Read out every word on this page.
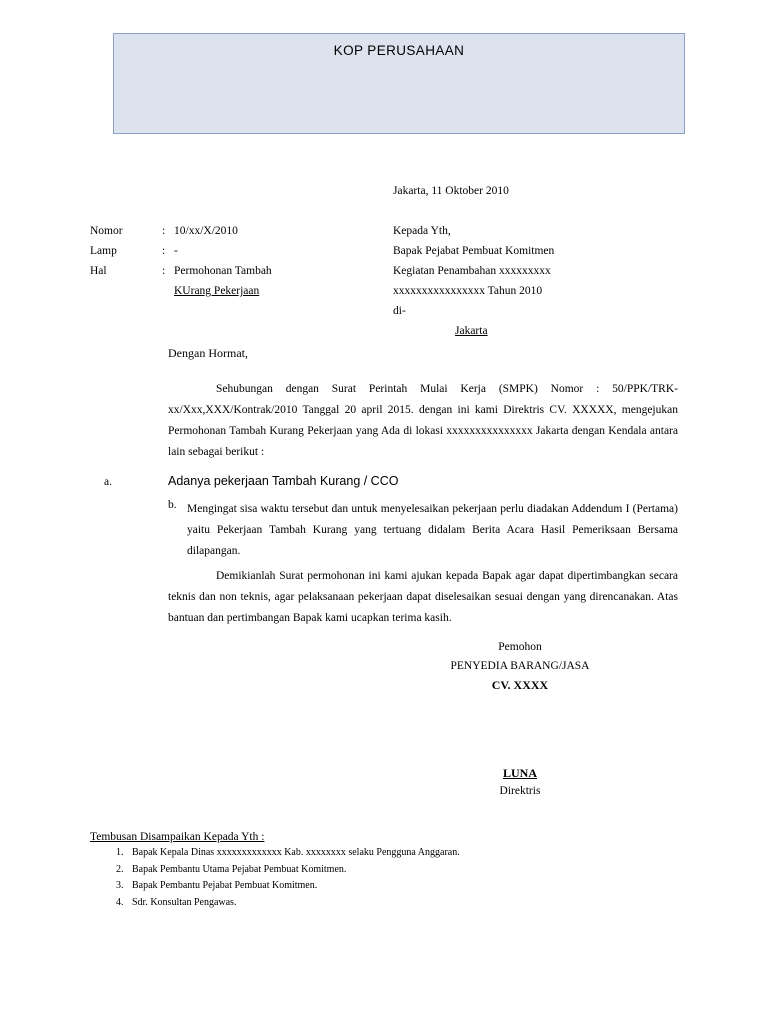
KOP PERUSAHAAN
Jakarta, 11 Oktober 2010
Nomor	: 10/xx/X/2010
Lamp	: -
Hal	: Permohonan Tambah
KUrang Pekerjaan
Kepada Yth,
Bapak Pejabat Pembuat Komitmen
Kegiatan Penambahan xxxxxxxxx
xxxxxxxxxxxxxxxx Tahun 2010
di-
Jakarta
Dengan Hormat,
Sehubungan dengan Surat Perintah Mulai Kerja (SMPK) Nomor : 50/PPK/TRK-xx/Xxx,XXX/Kontrak/2010 Tanggal 20 april 2015. dengan ini kami Direktris CV. XXXXX, mengejukan Permohonan Tambah Kurang Pekerjaan yang Ada di lokasi xxxxxxxxxxxxxxx Jakarta dengan Kendala antara lain sebagai berikut :
a.	Adanya pekerjaan Tambah Kurang / CCO
b. Mengingat sisa waktu tersebut dan untuk menyelesaikan pekerjaan perlu diadakan Addendum I (Pertama) yaitu Pekerjaan Tambah Kurang yang tertuang didalam Berita Acara Hasil Pemeriksaan Bersama dilapangan.
Demikianlah Surat permohonan ini kami ajukan kepada Bapak agar dapat dipertimbangkan secara teknis dan non teknis, agar pelaksanaan pekerjaan dapat diselesaikan sesuai dengan yang direncanakan. Atas bantuan dan pertimbangan Bapak kami ucapkan terima kasih.
Pemohon
PENYEDIA BARANG/JASA
CV. XXXX
LUNA
Direktris
Tembusan Disampaikan Kepada Yth :
1. Bapak Kepala Dinas xxxxxxxxxxxxx Kab. xxxxxxxx selaku Pengguna Anggaran.
2. Bapak Pembantu Utama Pejabat Pembuat Komitmen.
3. Bapak Pembantu Pejabat Pembuat Komitmen.
4. Sdr. Konsultan Pengawas.
